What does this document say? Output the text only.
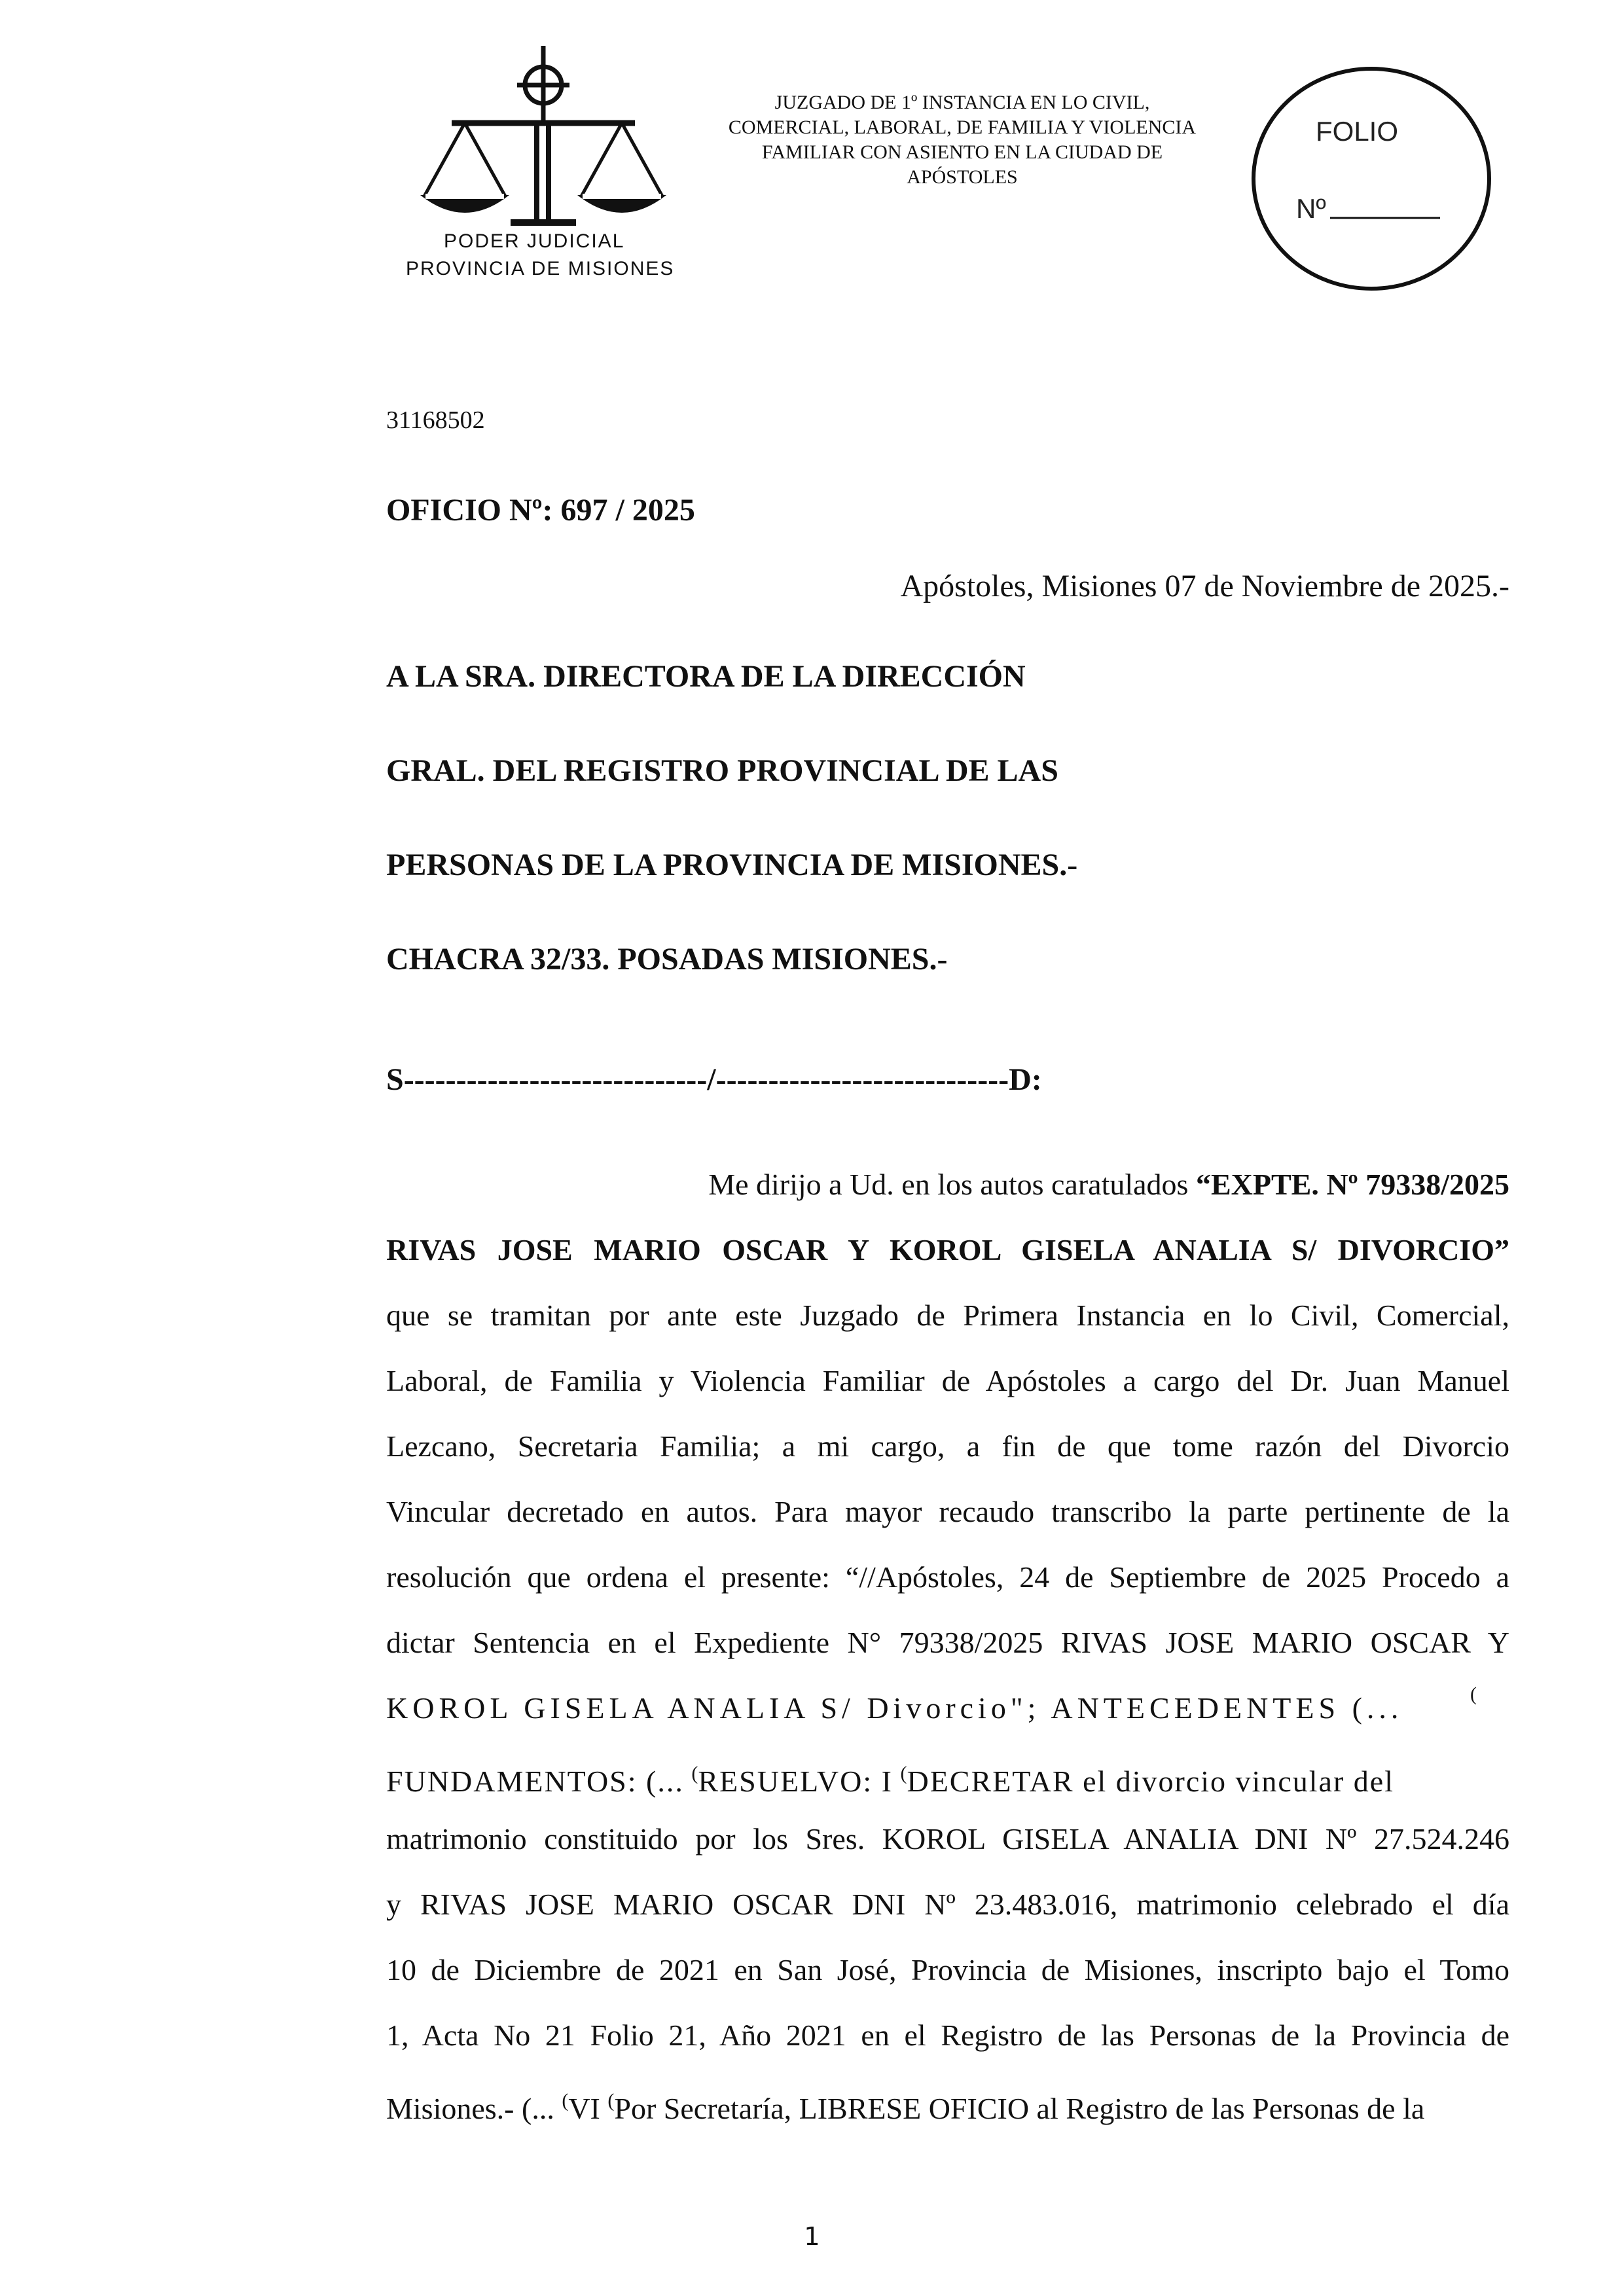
PODER JUDICIAL
PROVINCIA DE MISIONES
JUZGADO DE 1º INSTANCIA EN LO CIVIL,
COMERCIAL, LABORAL, DE FAMILIA Y VIOLENCIA
FAMILIAR CON ASIENTO EN LA CIUDAD DE
APÓSTOLES
FOLIO
Nº
31168502
OFICIO Nº: 697 / 2025
Apóstoles, Misiones 07 de Noviembre de 2025.-
A LA SRA. DIRECTORA DE LA DIRECCIÓN
GRAL. DEL REGISTRO PROVINCIAL DE LAS
PERSONAS DE LA PROVINCIA DE MISIONES.-
CHACRA 32/33. POSADAS MISIONES.-
S-----------------------------/----------------------------D:
Me dirijo a Ud. en los autos caratulados “EXPTE. Nº 79338/2025
RIVAS JOSE MARIO OSCAR Y KOROL GISELA ANALIA S/ DIVORCIO”
que se tramitan por ante este Juzgado de Primera Instancia en lo Civil, Comercial,
Laboral, de Familia y Violencia Familiar de Apóstoles a cargo del Dr. Juan Manuel
Lezcano, Secretaria Familia; a mi cargo, a fin de que tome razón del Divorcio
Vincular decretado en autos. Para mayor recaudo transcribo la parte pertinente de la
resolución que ordena el presente: “//Apóstoles, 24 de Septiembre de 2025 Procedo a
dictar Sentencia en el Expediente N° 79338/2025 RIVAS JOSE MARIO OSCAR Y
KOROL GISELA ANALIA S/ Divorcio"; ANTECEDENTES (...	(
FUNDAMENTOS: (... (RESUELVO: I (DECRETAR el divorcio vincular del
matrimonio constituido por los Sres. KOROL GISELA ANALIA DNI Nº 27.524.246
y RIVAS JOSE MARIO OSCAR DNI Nº 23.483.016, matrimonio celebrado el día
10 de Diciembre de 2021 en San José, Provincia de Misiones, inscripto bajo el Tomo
1, Acta No 21 Folio 21, Año 2021 en el Registro de las Personas de la Provincia de
Misiones.- (... (VI (Por Secretaría, LIBRESE OFICIO al Registro de las Personas de la
1
